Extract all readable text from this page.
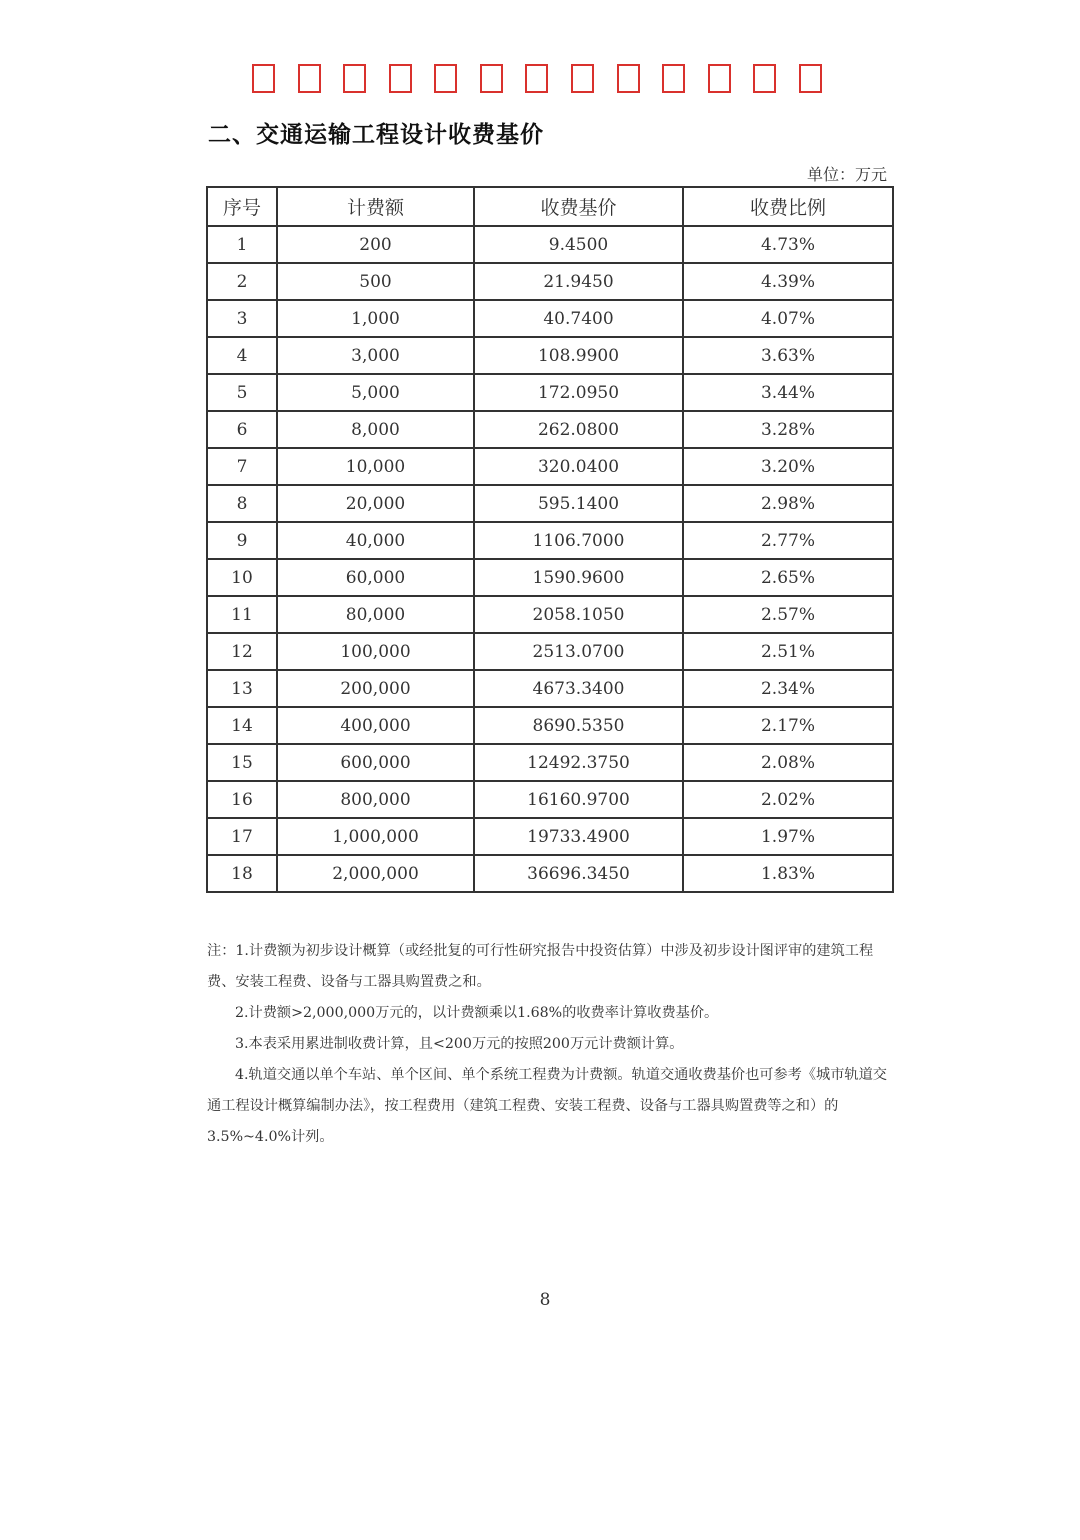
二、交通运输工程设计收费基价
单位：万元
序号	计费额	收费基价	收费比例
1	200	9.4500	4.73%
2	500	21.9450	4.39%
3	1,000	40.7400	4.07%
4	3,000	108.9900	3.63%
5	5,000	172.0950	3.44%
6	8,000	262.0800	3.28%
7	10,000	320.0400	3.20%
8	20,000	595.1400	2.98%
9	40,000	1106.7000	2.77%
10	60,000	1590.9600	2.65%
11	80,000	2058.1050	2.57%
12	100,000	2513.0700	2.51%
13	200,000	4673.3400	2.34%
14	400,000	8690.5350	2.17%
15	600,000	12492.3750	2.08%
16	800,000	16160.9700	2.02%
17	1,000,000	19733.4900	1.97%
18	2,000,000	36696.3450	1.83%

注：1.计费额为初步设计概算（或经批复的可行性研究报告中投资估算）中涉及初步设计图评审的建筑工程费、安装工程费、设备与工器具购置费之和。

2.计费额>2,000,000万元的，以计费额乘以1.68%的收费率计算收费基价。

3.本表采用累进制收费计算，且<200万元的按照200万元计费额计算。

4.轨道交通以单个车站、单个区间、单个系统工程费为计费额。轨道交通收费基价也可参考《城市轨道交通工程设计概算编制办法》，按工程费用（建筑工程费、安装工程费、设备与工器具购置费等之和）的3.5%~4.0%计列。

8
